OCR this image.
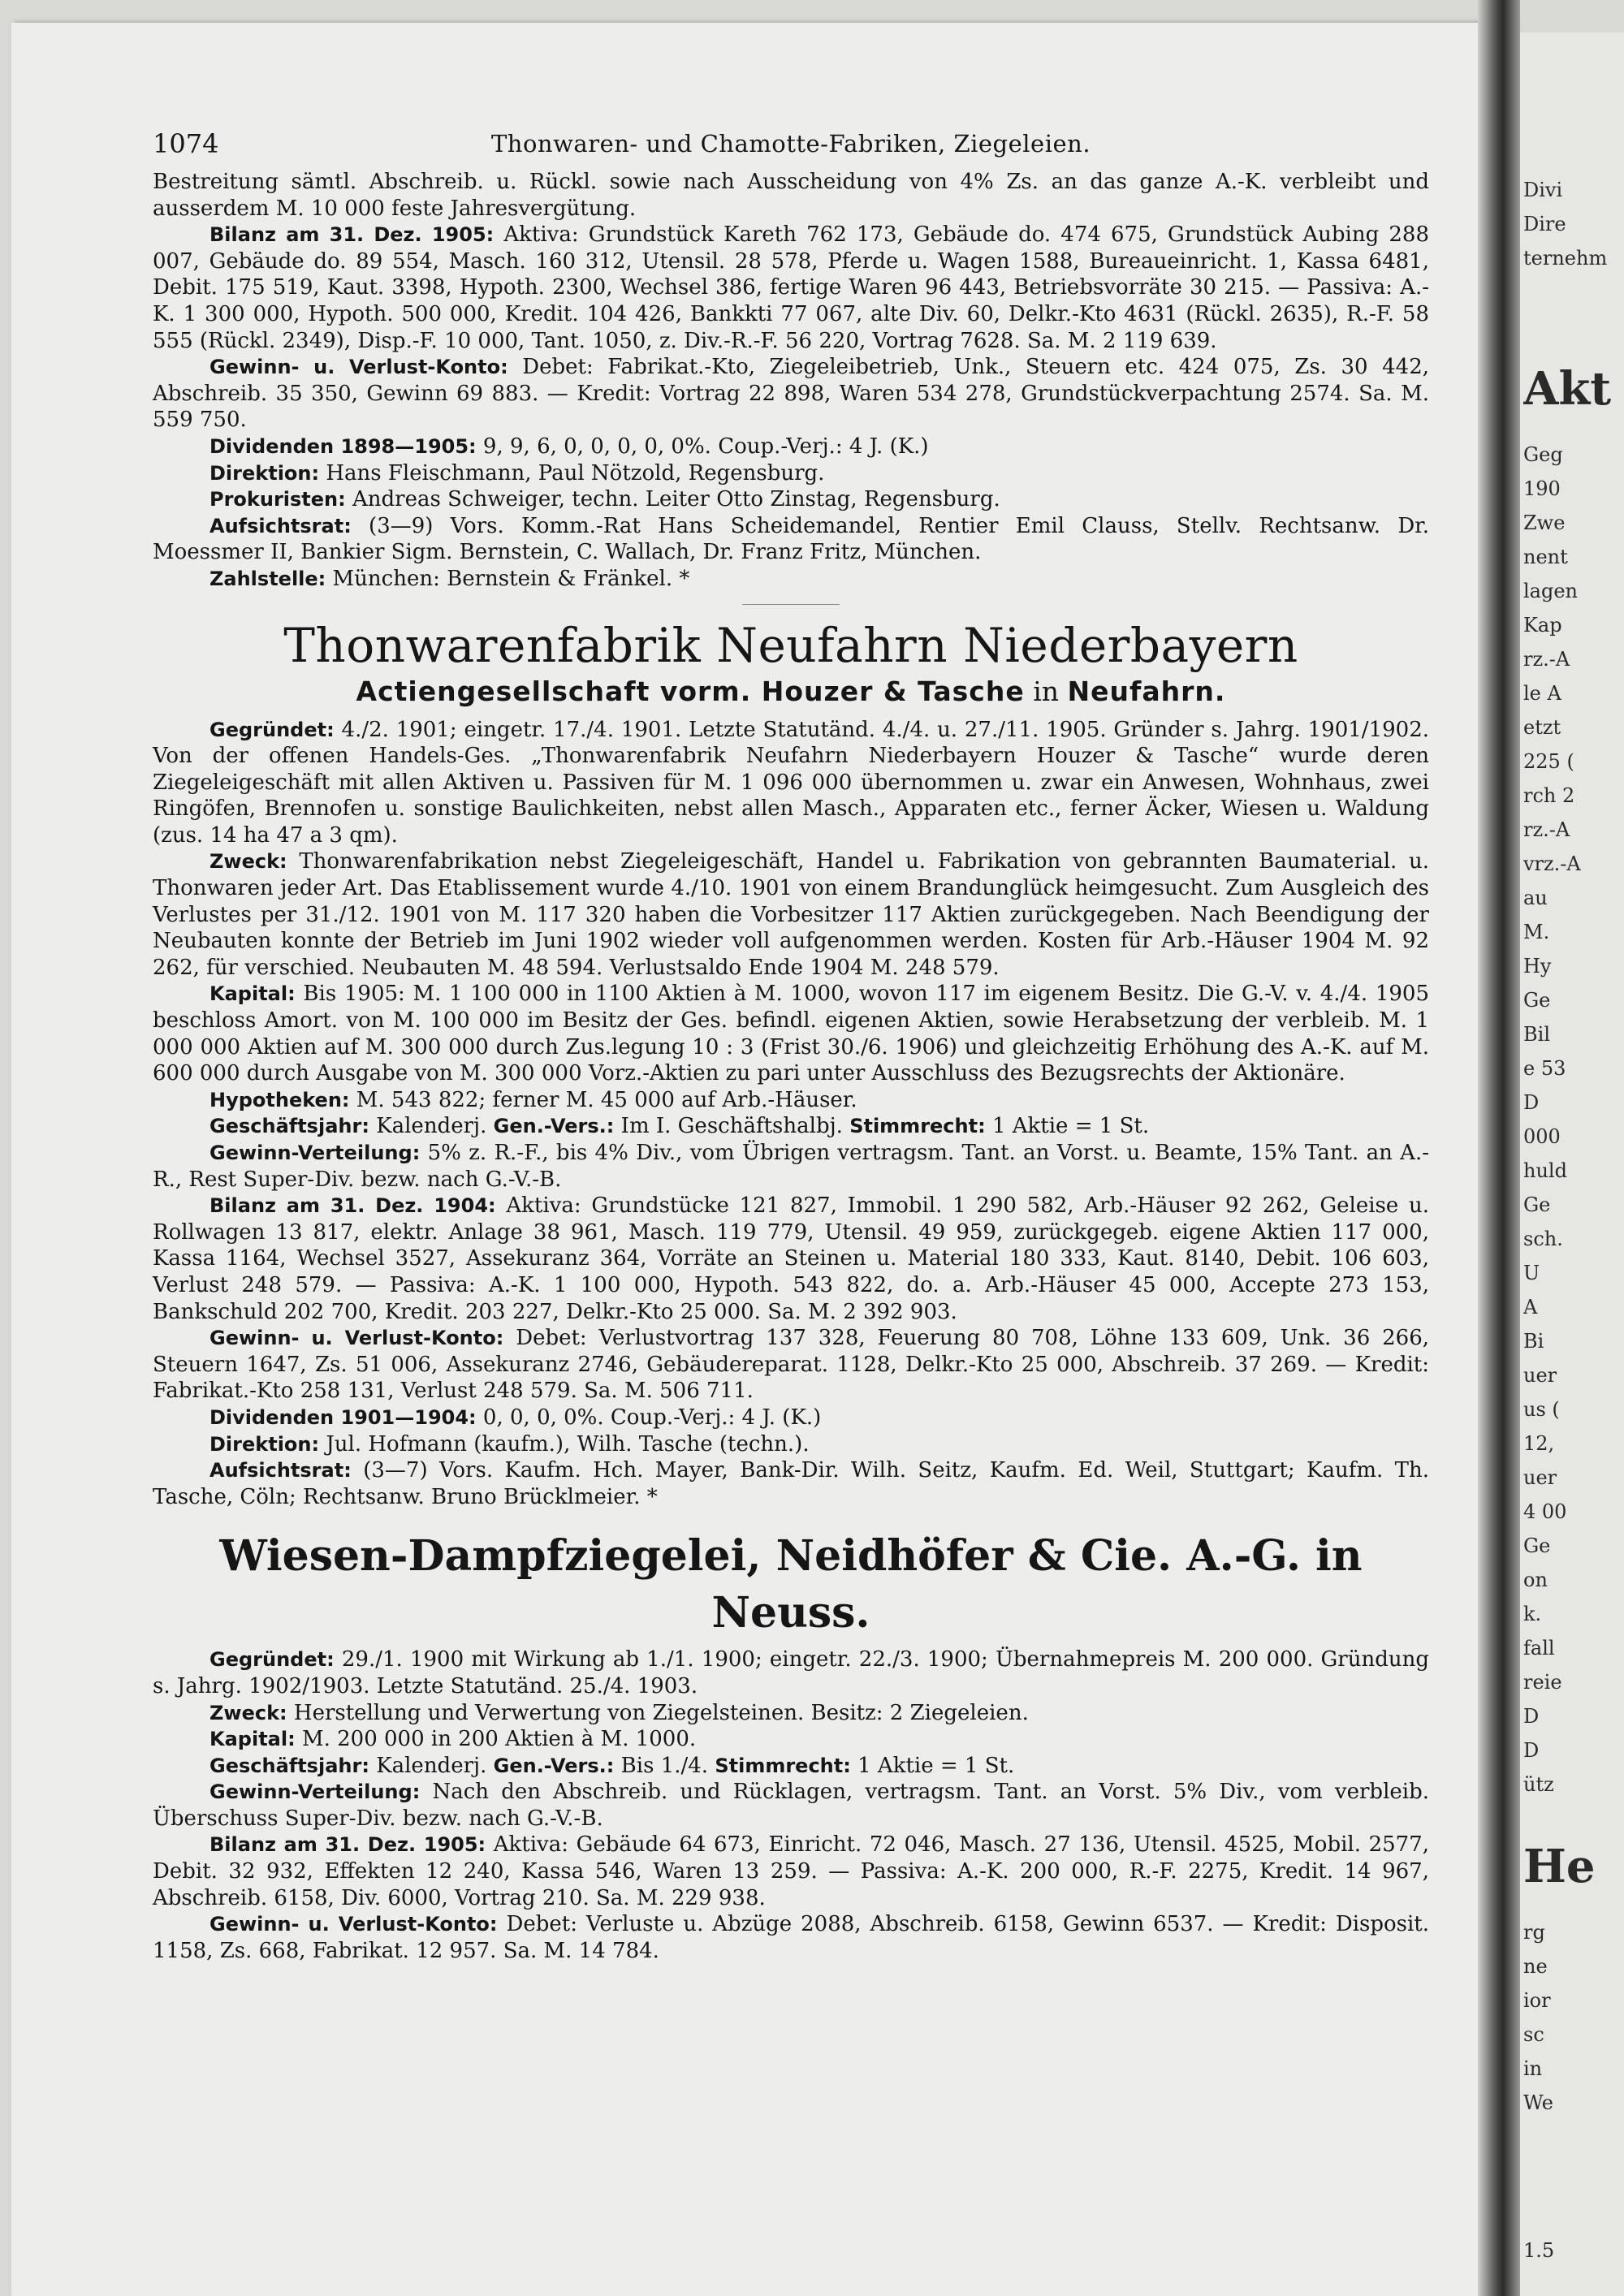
1074	Thonwaren- und Chamotte-Fabriken, Ziegeleien.

Bestreitung sämtl. Abschreib. u. Rückl. sowie nach Ausscheidung von 4% Zs. an das ganze A.-K. verbleibt und ausserdem M. 10 000 feste Jahresvergütung.

Bilanz am 31. Dez. 1905: Aktiva: Grundstück Kareth 762 173, Gebäude do. 474 675, Grundstück Aubing 288 007, Gebäude do. 89 554, Masch. 160 312, Utensil. 28 578, Pferde u. Wagen 1588, Bureaueinricht. 1, Kassa 6481, Debit. 175 519, Kaut. 3398, Hypoth. 2300, Wechsel 386, fertige Waren 96 443, Betriebsvorräte 30 215. — Passiva: A.-K. 1 300 000, Hypoth. 500 000, Kredit. 104 426, Bankkti 77 067, alte Div. 60, Delkr.-Kto 4631 (Rückl. 2635), R.-F. 58 555 (Rückl. 2349), Disp.-F. 10 000, Tant. 1050, z. Div.-R.-F. 56 220, Vortrag 7628. Sa. M. 2 119 639.

Gewinn- u. Verlust-Konto: Debet: Fabrikat.-Kto, Ziegeleibetrieb, Unk., Steuern etc. 424 075, Zs. 30 442, Abschreib. 35 350, Gewinn 69 883. — Kredit: Vortrag 22 898, Waren 534 278, Grundstückverpachtung 2574. Sa. M. 559 750.

Dividenden 1898—1905: 9, 9, 6, 0, 0, 0, 0, 0%. Coup.-Verj.: 4 J. (K.)

Direktion: Hans Fleischmann, Paul Nötzold, Regensburg.

Prokuristen: Andreas Schweiger, techn. Leiter Otto Zinstag, Regensburg.

Aufsichtsrat: (3—9) Vors. Komm.-Rat Hans Scheidemandel, Rentier Emil Clauss, Stellv. Rechtsanw. Dr. Moessmer II, Bankier Sigm. Bernstein, C. Wallach, Dr. Franz Fritz, München.

Zahlstelle: München: Bernstein & Fränkel. *

Thonwarenfabrik Neufahrn Niederbayern
Actiengesellschaft vorm. Houzer & Tasche in Neufahrn.

Gegründet: 4./2. 1901; eingetr. 17./4. 1901. Letzte Statutänd. 4./4. u. 27./11. 1905. Gründer s. Jahrg. 1901/1902. Von der offenen Handels-Ges. „Thonwarenfabrik Neufahrn Niederbayern Houzer & Tasche“ wurde deren Ziegeleigeschäft mit allen Aktiven u. Passiven für M. 1 096 000 übernommen u. zwar ein Anwesen, Wohnhaus, zwei Ringöfen, Brennofen u. sonstige Baulichkeiten, nebst allen Masch., Apparaten etc., ferner Äcker, Wiesen u. Waldung (zus. 14 ha 47 a 3 qm).

Zweck: Thonwarenfabrikation nebst Ziegeleigeschäft, Handel u. Fabrikation von gebrannten Baumaterial. u. Thonwaren jeder Art. Das Etablissement wurde 4./10. 1901 von einem Brandunglück heimgesucht. Zum Ausgleich des Verlustes per 31./12. 1901 von M. 117 320 haben die Vorbesitzer 117 Aktien zurückgegeben. Nach Beendigung der Neubauten konnte der Betrieb im Juni 1902 wieder voll aufgenommen werden. Kosten für Arb.-Häuser 1904 M. 92 262, für verschied. Neubauten M. 48 594. Verlustsaldo Ende 1904 M. 248 579.

Kapital: Bis 1905: M. 1 100 000 in 1100 Aktien à M. 1000, wovon 117 im eigenem Besitz. Die G.-V. v. 4./4. 1905 beschloss Amort. von M. 100 000 im Besitz der Ges. befindl. eigenen Aktien, sowie Herabsetzung der verbleib. M. 1 000 000 Aktien auf M. 300 000 durch Zus.legung 10 : 3 (Frist 30./6. 1906) und gleichzeitig Erhöhung des A.-K. auf M. 600 000 durch Ausgabe von M. 300 000 Vorz.-Aktien zu pari unter Ausschluss des Bezugsrechts der Aktionäre.

Hypotheken: M. 543 822; ferner M. 45 000 auf Arb.-Häuser.

Geschäftsjahr: Kalenderj. Gen.-Vers.: Im I. Geschäftshalbj. Stimmrecht: 1 Aktie = 1 St.

Gewinn-Verteilung: 5% z. R.-F., bis 4% Div., vom Übrigen vertragsm. Tant. an Vorst. u. Beamte, 15% Tant. an A.-R., Rest Super-Div. bezw. nach G.-V.-B.

Bilanz am 31. Dez. 1904: Aktiva: Grundstücke 121 827, Immobil. 1 290 582, Arb.-Häuser 92 262, Geleise u. Rollwagen 13 817, elektr. Anlage 38 961, Masch. 119 779, Utensil. 49 959, zurückgegeb. eigene Aktien 117 000, Kassa 1164, Wechsel 3527, Assekuranz 364, Vorräte an Steinen u. Material 180 333, Kaut. 8140, Debit. 106 603, Verlust 248 579. — Passiva: A.-K. 1 100 000, Hypoth. 543 822, do. a. Arb.-Häuser 45 000, Accepte 273 153, Bankschuld 202 700, Kredit. 203 227, Delkr.-Kto 25 000. Sa. M. 2 392 903.

Gewinn- u. Verlust-Konto: Debet: Verlustvortrag 137 328, Feuerung 80 708, Löhne 133 609, Unk. 36 266, Steuern 1647, Zs. 51 006, Assekuranz 2746, Gebäudereparat. 1128, Delkr.-Kto 25 000, Abschreib. 37 269. — Kredit: Fabrikat.-Kto 258 131, Verlust 248 579. Sa. M. 506 711.

Dividenden 1901—1904: 0, 0, 0, 0%. Coup.-Verj.: 4 J. (K.)

Direktion: Jul. Hofmann (kaufm.), Wilh. Tasche (techn.).

Aufsichtsrat: (3—7) Vors. Kaufm. Hch. Mayer, Bank-Dir. Wilh. Seitz, Kaufm. Ed. Weil, Stuttgart; Kaufm. Th. Tasche, Cöln; Rechtsanw. Bruno Brücklmeier. *

Wiesen-Dampfziegelei, Neidhöfer & Cie. A.-G. in Neuss.

Gegründet: 29./1. 1900 mit Wirkung ab 1./1. 1900; eingetr. 22./3. 1900; Übernahmepreis M. 200 000. Gründung s. Jahrg. 1902/1903. Letzte Statutänd. 25./4. 1903.

Zweck: Herstellung und Verwertung von Ziegelsteinen. Besitz: 2 Ziegeleien.

Kapital: M. 200 000 in 200 Aktien à M. 1000.

Geschäftsjahr: Kalenderj. Gen.-Vers.: Bis 1./4. Stimmrecht: 1 Aktie = 1 St.

Gewinn-Verteilung: Nach den Abschreib. und Rücklagen, vertragsm. Tant. an Vorst. 5% Div., vom verbleib. Überschuss Super-Div. bezw. nach G.-V.-B.

Bilanz am 31. Dez. 1905: Aktiva: Gebäude 64 673, Einricht. 72 046, Masch. 27 136, Utensil. 4525, Mobil. 2577, Debit. 32 932, Effekten 12 240, Kassa 546, Waren 13 259. — Passiva: A.-K. 200 000, R.-F. 2275, Kredit. 14 967, Abschreib. 6158, Div. 6000, Vortrag 210. Sa. M. 229 938.

Gewinn- u. Verlust-Konto: Debet: Verluste u. Abzüge 2088, Abschreib. 6158, Gewinn 6537. — Kredit: Disposit. 1158, Zs. 668, Fabrikat. 12 957. Sa. M. 14 784.

Divi
Dire
ternehm
Akt
Geg
190
Zwe
nent
lagen
Kap
rz.-A
le A
etzt
225 (
rch 2
rz.-A
vrz.-A
au
M.
Hy
Ge
Bil
e 53
D
000
huld
Ge
sch.
U
A
Bi
uer
us (
12,
uer
4 00
Ge
on
k.
fall
reie
D
D
ütz
He
rg
ne
ior
sc
in
We
1.5
